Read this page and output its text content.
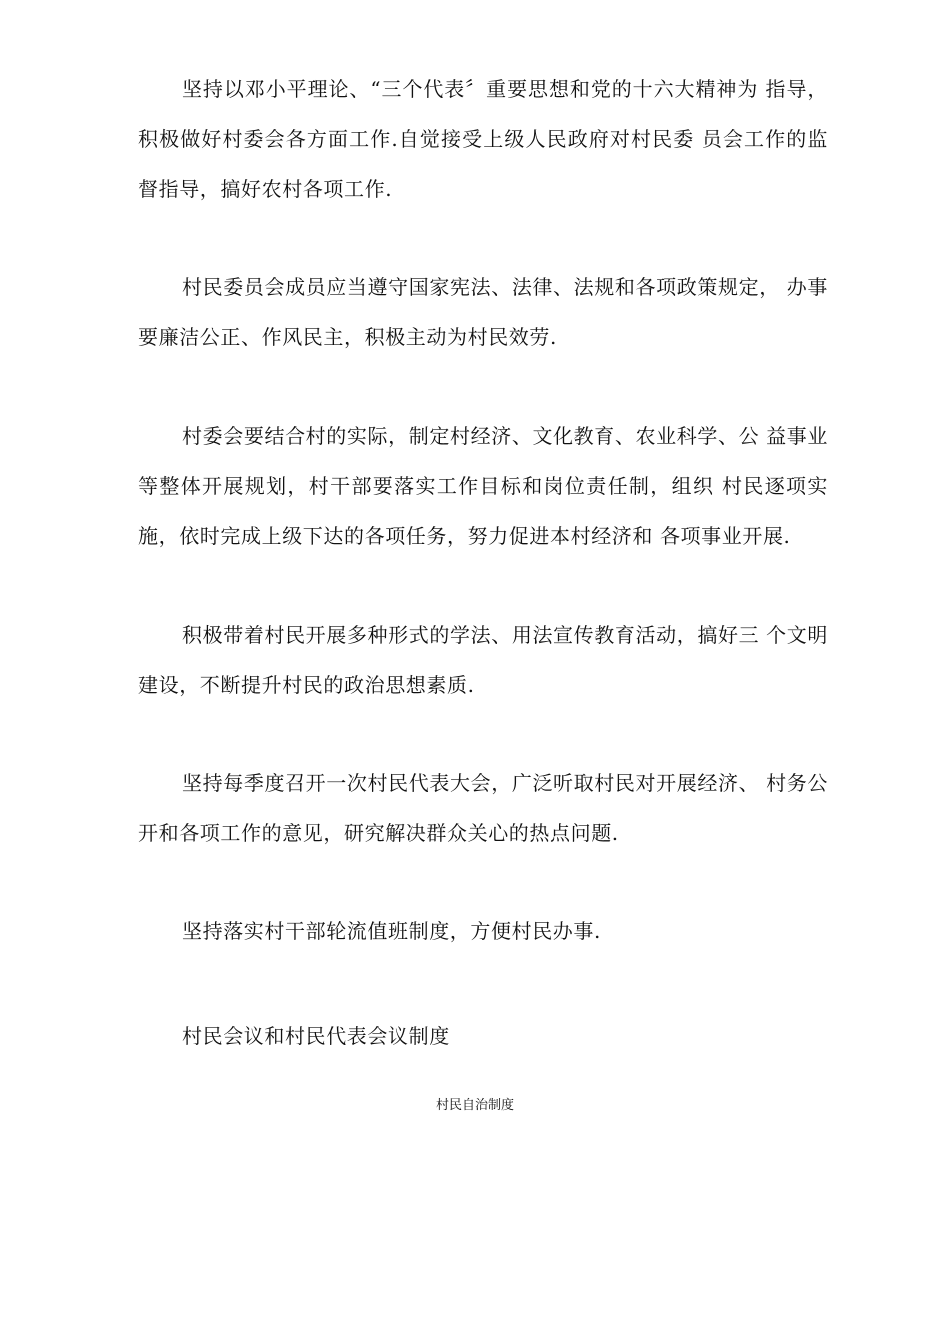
坚持以邓小平理论、“三个代表〞重要思想和党的十六大精神为 指导，积极做好村委会各方面工作.自觉接受上级人民政府对村民委 员会工作的监督指导，搞好农村各项工作.

村民委员会成员应当遵守国家宪法、法律、法规和各项政策规定， 办事要廉洁公正、作风民主，积极主动为村民效劳.

村委会要结合村的实际，制定村经济、文化教育、农业科学、公 益事业等整体开展规划，村干部要落实工作目标和岗位责任制，组织 村民逐项实施，依时完成上级下达的各项任务，努力促进本村经济和 各项事业开展.

积极带着村民开展多种形式的学法、用法宣传教育活动，搞好三 个文明建设，不断提升村民的政治思想素质.

坚持每季度召开一次村民代表大会，广泛听取村民对开展经济、 村务公开和各项工作的意见，研究解决群众关心的热点问题.

坚持落实村干部轮流值班制度，方便村民办事.

村民会议和村民代表会议制度

村民自治制度
